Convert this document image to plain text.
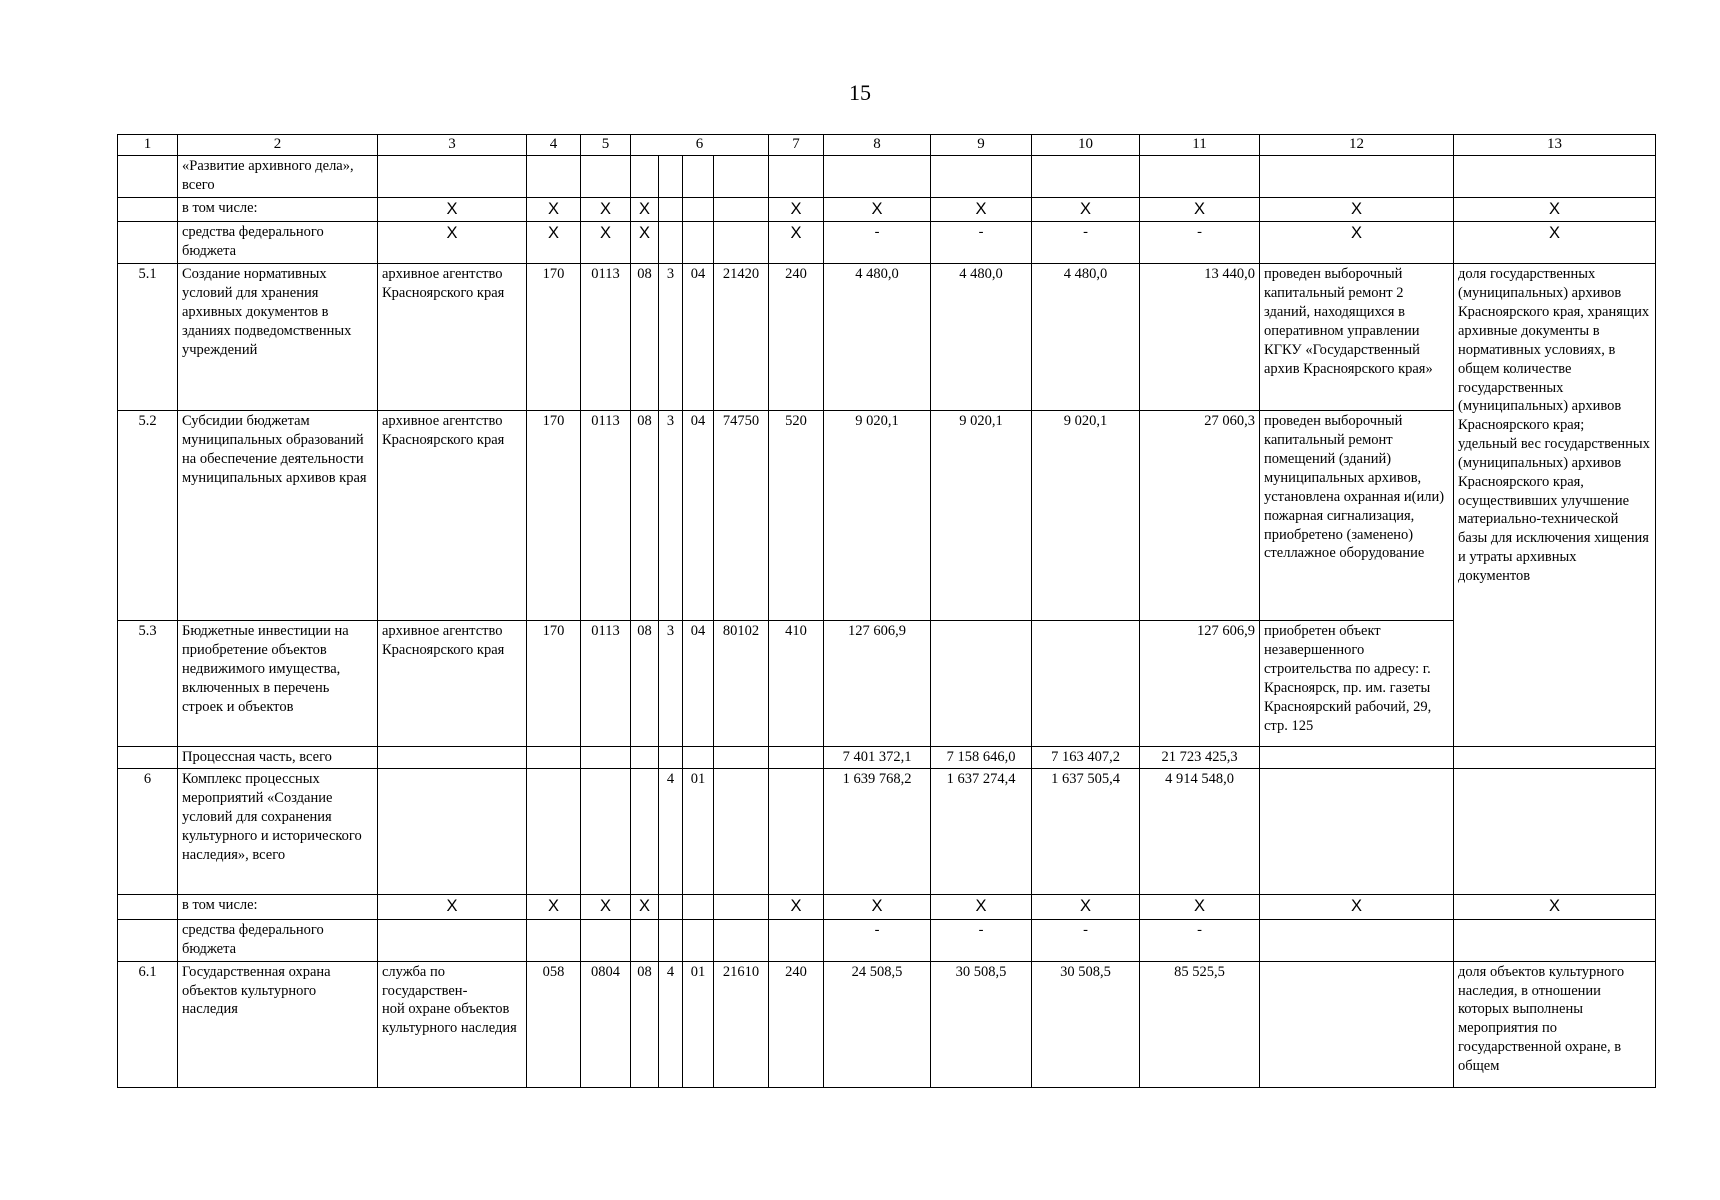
15
1	2	3	4	5	6				7	8	9	10	11	12	13
	«Развитие архивного дела», всего														
	в том числе:	X	X	X	X				X	X	X	X	X	X	X
	средства федерального бюджета	X	X	X	X				X	-	-	-	-	X	X
5.1	Создание нормативных условий для хранения архивных документов в зданиях подведомственных учреждений	архивное агентство Красноярского края	170	0113	08	3	04	21420	240	4 480,0	4 480,0	4 480,0	13 440,0	проведен выборочный капитальный ремонт 2 зданий, находящихся в оперативном управлении КГКУ «Государственный архив Красноярского края»	доля государственных (муниципальных) архивов Красноярского края, хранящих архивные документы в нормативных условиях, в общем количестве государственных (муниципальных) архивов Красноярского края;
удельный вес государственных (муниципальных) архивов Красноярского края, осуществивших улучшение материально-технической базы для исключения хищения и утраты архивных документов
5.2	Субсидии бюджетам муниципальных образований на обеспечение деятельности муниципальных архивов края	архивное агентство Красноярского края	170	0113	08	3	04	74750	520	9 020,1	9 020,1	9 020,1	27 060,3	проведен выборочный капитальный ремонт помещений (зданий) муниципальных архивов, установлена охранная и(или) пожарная сигнализация, приобретено (заменено) стеллажное оборудование	
5.3	Бюджетные инвестиции на приобретение объектов недвижимого имущества, включенных в перечень строек и объектов	архивное агентство Красноярского края	170	0113	08	3	04	80102	410	127 606,9			127 606,9	приобретен объект незавершенного строительства по адресу: г. Красноярск, пр. им. газеты Красноярский рабочий, 29, стр. 125	
	Процессная часть, всего									7 401 372,1	7 158 646,0	7 163 407,2	21 723 425,3		
6	Комплекс процессных мероприятий «Создание условий для сохранения культурного и исторического наследия», всего					4	01			1 639 768,2	1 637 274,4	1 637 505,4	4 914 548,0		
	в том числе:	X	X	X	X				X	X	X	X	X	X	X
	средства федерального бюджета									-	-	-	-		
6.1	Государственная охрана объектов культурного наследия	служба по государствен-
ной охране объектов культурного наследия	058	0804	08	4	01	21610	240	24 508,5	30 508,5	30 508,5	85 525,5		доля объектов культурного наследия, в отношении которых выполнены мероприятия по государственной охране, в общем
